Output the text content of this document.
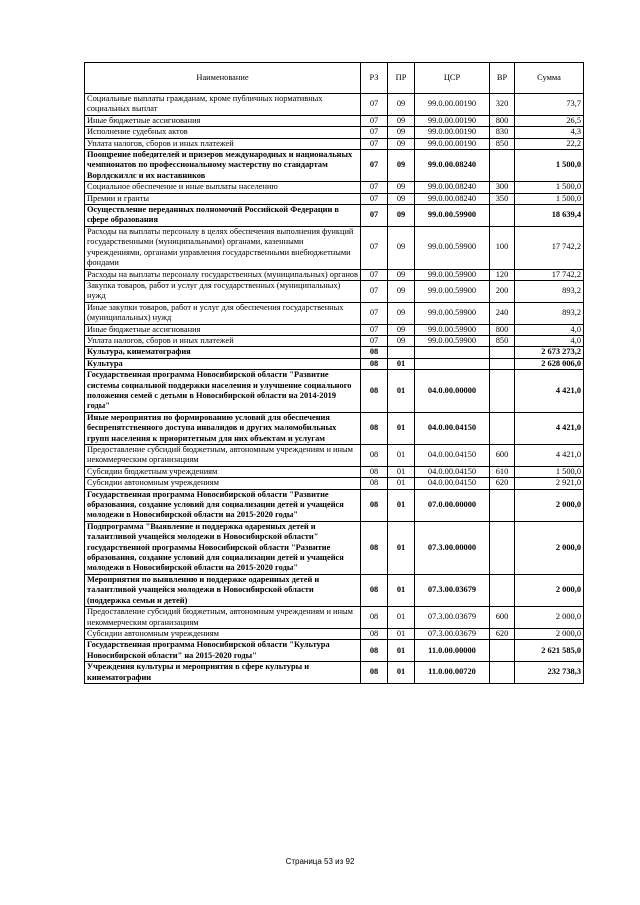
Наименование	РЗ	ПР	ЦСР	ВР	Сумма
Социальные выплаты гражданам, кроме публичных нормативных социальных выплат	07	09	99.0.00.00190	320	73,7
Иные бюджетные ассигнования	07	09	99.0.00.00190	800	26,5
Исполнение судебных актов	07	09	99.0.00.00190	830	4,3
Уплата налогов, сборов и иных платежей	07	09	99.0.00.00190	850	22,2
Поощрение победителей и призеров международных и национальных чемпионатов по профессиональному мастерству по стандартам Ворлдскиллс и их наставников	07	09	99.0.00.08240		1 500,0
Социальное обеспечение и иные выплаты населению	07	09	99.0.00.08240	300	1 500,0
Премии и гранты	07	09	99.0.00.08240	350	1 500,0
Осуществление переданных полномочий Российской Федерации в сфере образования	07	09	99.0.00.59900		18 639,4
Расходы на выплаты персоналу в целях обеспечения выполнения функций государственными (муниципальными) органами, казенными учреждениями, органами управления государственными внебюджетными фондами	07	09	99.0.00.59900	100	17 742,2
Расходы на выплаты персоналу государственных (муниципальных) органов	07	09	99.0.00.59900	120	17 742,2
Закупка товаров, работ и услуг для государственных (муниципальных) нужд	07	09	99.0.00.59900	200	893,2
Иные закупки товаров, работ и услуг для обеспечения государственных (муниципальных) нужд	07	09	99.0.00.59900	240	893,2
Иные бюджетные ассигнования	07	09	99.0.00.59900	800	4,0
Уплата налогов, сборов и иных платежей	07	09	99.0.00.59900	850	4,0
Культура, кинематография	08				2 673 273,2
Культура	08	01			2 628 006,0
Государственная программа Новосибирской области "Развитие системы социальной поддержки населения и улучшение социального положения семей с детьми в Новосибирской области на 2014-2019 годы"	08	01	04.0.00.00000		4 421,0
Иные мероприятия по формированию условий для обеспечения беспрепятственного доступа инвалидов и других маломобильных групп населения к приоритетным для них объектам и услугам	08	01	04.0.00.04150		4 421,0
Предоставление субсидий бюджетным, автономным учреждениям и иным некоммерческим организациям	08	01	04.0.00.04150	600	4 421,0
Субсидии бюджетным учреждениям	08	01	04.0.00.04150	610	1 500,0
Субсидии автономным учреждениям	08	01	04.0.00.04150	620	2 921,0
Государственная программа Новосибирской области "Развитие образования, создание условий для социализации детей и учащейся молодежи в Новосибирской области на 2015-2020 годы"	08	01	07.0.00.00000		2 000,0
Подпрограмма "Выявление и поддержка одаренных детей и талантливой учащейся молодежи в Новосибирской области" государственной программы Новосибирской области "Развитие образования, создание условий для социализации детей и учащейся молодежи в Новосибирской области на 2015-2020 годы"	08	01	07.3.00.00000		2 000,0
Мероприятия по выявлению и поддержке одаренных детей и талантливой учащейся молодежи в Новосибирской области (поддержка семьи и детей)	08	01	07.3.00.03679		2 000,0
Предоставление субсидий бюджетным, автономным учреждениям и иным некоммерческим организациям	08	01	07.3.00.03679	600	2 000,0
Субсидии автономным учреждениям	08	01	07.3.00.03679	620	2 000,0
Государственная программа Новосибирской области "Культура Новосибирской области" на 2015-2020 годы"	08	01	11.0.00.00000		2 621 585,0
Учреждения культуры и мероприятия в сфере культуры и кинематографии	08	01	11.0.00.00720		232 738,3
Страница 53 из 92
